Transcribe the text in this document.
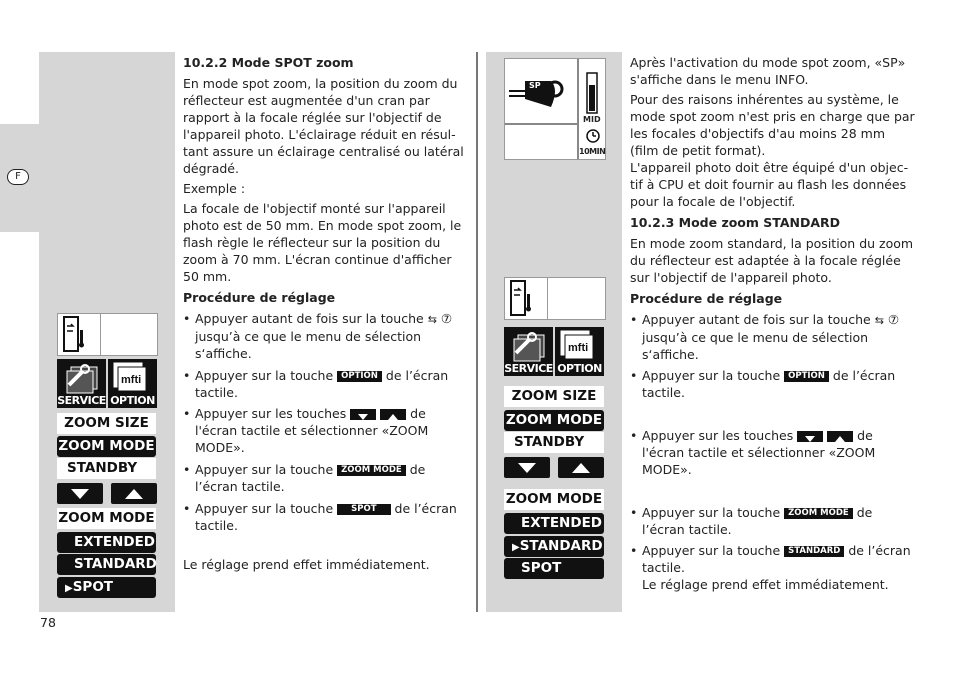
F
78

10.2.2 Mode SPOT zoom

En mode spot zoom, la position du zoom du réflecteur est augmentée d'un cran par rapport à la focale réglée sur l'objectif de l'appareil photo. L'éclairage réduit en résul-tant assure un éclairage centralisé ou latéral dégradé.

Exemple :

La focale de l'objectif monté sur l'appareil photo est de 50 mm. En mode spot zoom, le flash règle le réflecteur sur la position du zoom à 70 mm. L'écran continue d'afficher 50 mm.

Procédure de réglage

• Appuyer autant de fois sur la touche ⇆ ⑦ jusqu’à ce que le menu de sélection s‘affiche.
• Appuyer sur la touche OPTION de l’écran tactile.
• Appuyer sur les touches	de l'écran tactile et sélectionner «ZOOM MODE».
• Appuyer sur la touche ZOOM MODE de l’écran tactile.
• Appuyer sur la touche SPOT de l’écran tactile.

Le réglage prend effet immédiatement.

SERVICE
mfti
OPTION
ZOOM SIZE
ZOOM MODE
STANDBY
ZOOM MODE
EXTENDED
STANDARD
▶SPOT
SP
MID
10MIN
SERVICE
mfti
OPTION
ZOOM SIZE
ZOOM MODE
STANDBY
ZOOM MODE
EXTENDED
▶STANDARD
SPOT

Après l'activation du mode spot zoom, «SP» s'affiche dans le menu INFO.

Pour des raisons inhérentes au système, le mode spot zoom n'est pris en charge que par les focales d'objectifs d'au moins 28 mm (film de petit format).

L'appareil photo doit être équipé d'un objec-tif à CPU et doit fournir au flash les données pour la focale de l'objectif.

10.2.3 Mode zoom STANDARD

En mode zoom standard, la position du zoom du réflecteur est adaptée à la focale réglée sur l'objectif de l'appareil photo.

Procédure de réglage

• Appuyer autant de fois sur la touche ⇆ ⑦ jusqu’à ce que le menu de sélection s‘affiche.
• Appuyer sur la touche OPTION de l’écran tactile.
• Appuyer sur les touches	de l'écran tactile et sélectionner «ZOOM MODE».
• Appuyer sur la touche ZOOM MODE de l’écran tactile.
• Appuyer sur la touche STANDARD de l’écran tactile.
Le réglage prend effet immédiatement.
